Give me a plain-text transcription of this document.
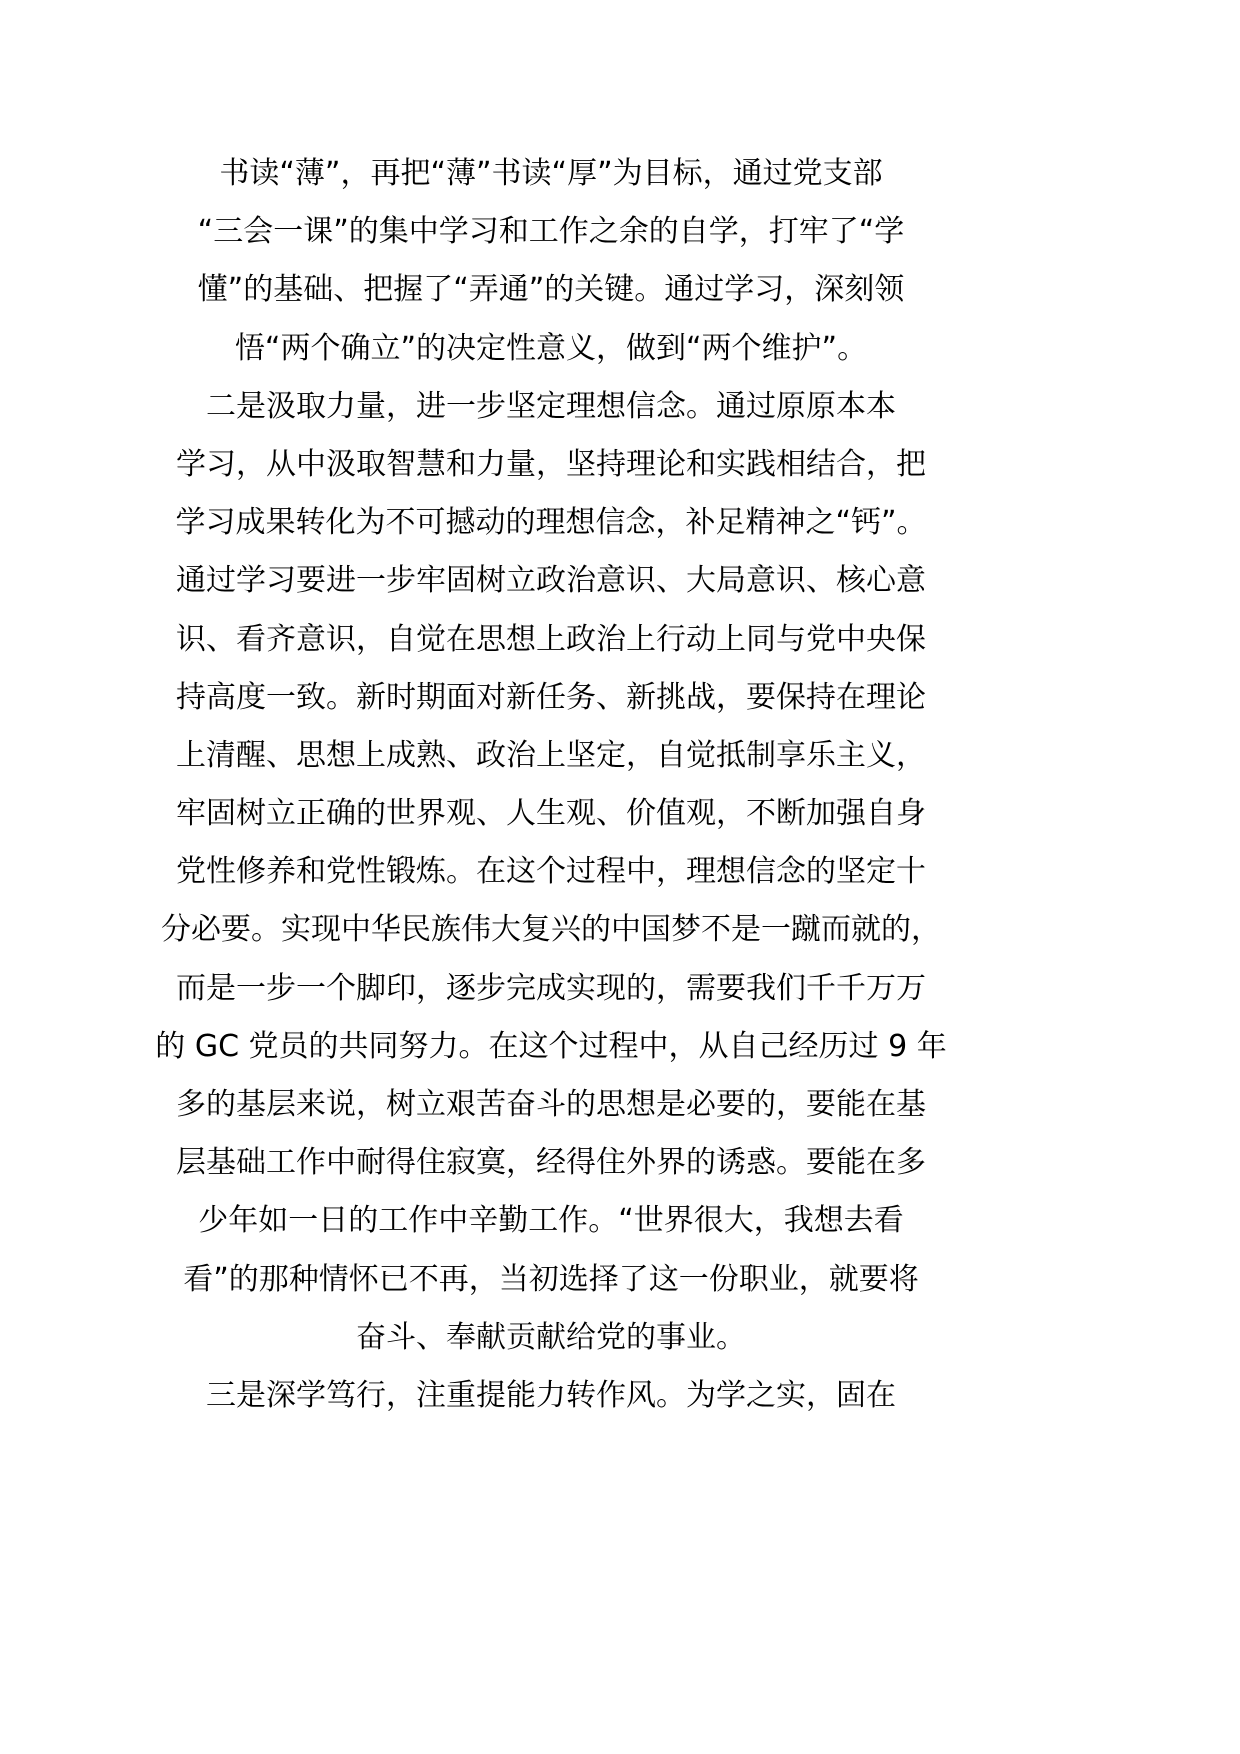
书读“薄”，再把“薄”书读“厚”为目标，通过党支部

“三会一课”的集中学习和工作之余的自学，打牢了“学

懂”的基础、把握了“弄通”的关键。通过学习，深刻领

悟“两个确立”的决定性意义，做到“两个维护”。

二是汲取力量，进一步坚定理想信念。通过原原本本

学习，从中汲取智慧和力量，坚持理论和实践相结合，把

学习成果转化为不可撼动的理想信念，补足精神之“钙”。

通过学习要进一步牢固树立政治意识、大局意识、核心意

识、看齐意识，自觉在思想上政治上行动上同与党中央保

持高度一致。新时期面对新任务、新挑战，要保持在理论

上清醒、思想上成熟、政治上坚定，自觉抵制享乐主义，

牢固树立正确的世界观、人生观、价值观，不断加强自身

党性修养和党性锻炼。在这个过程中，理想信念的坚定十

分必要。实现中华民族伟大复兴的中国梦不是一蹴而就的，

而是一步一个脚印，逐步完成实现的，需要我们千千万万

的 GC 党员的共同努力。在这个过程中，从自己经历过 9 年

多的基层来说，树立艰苦奋斗的思想是必要的，要能在基

层基础工作中耐得住寂寞，经得住外界的诱惑。要能在多

少年如一日的工作中辛勤工作。“世界很大，我想去看

看”的那种情怀已不再，当初选择了这一份职业，就要将

奋斗、奉献贡献给党的事业。

三是深学笃行，注重提能力转作风。为学之实，固在
